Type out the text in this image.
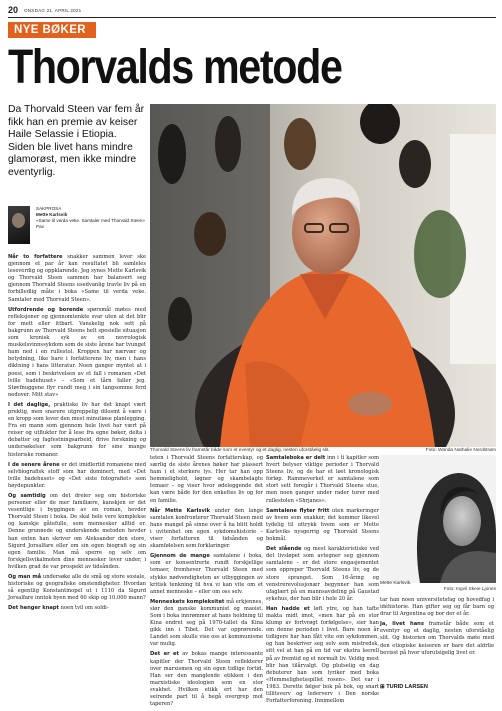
20 ONSDAG 21. APRIL 2021
NYE BØKER
Thorvalds metode
Da Thorvald Steen var fem år fikk han en premie av keiser Haile Selassie i Etiopia. Siden ble livet hans mindre glamorøst, men ikke mindre eventyrlig.
SAKPROSA
Mette Karlsvik
«Same til verda veke. Samtaler med Thorvald Steen»
Pax

Når to forfattere snakker sammen lever ske gjennom et par år kan resultatet bli samleles leseverdig og oppklarende. Jeg synes Mette Karlsvik og Thorvald Steen sammen har balansert seg gjennom Thorvald Steens usedvanlig travle liv på en forbilledlig måte i boka «Same til verda veke. Samtaler med Thorvald Steen».

Utfordrende og borende spørsmål møtes med refleksjoner og gjennomtenkte svar uten at det blir for mett eller ittbart. Vanskelig nok sett på bakgrunn av Thorvald Steens helt spesielle situasjon som kronisk syk av en nevrologisk muskelsvinnssykdom som de siste årene har tvunget ham ned i en rullestol. Kroppen har nærvær og betydning, like bare i forfatterens liv, men i hans diktning i hans litteratur. Noen ganger myntet at i poesi, som i beskrivelsen av et fall i romanen «Det lville badehuset» – «Som et tårn faller jeg. Støvfnuggene flyr rundt meg i sin langsomme ferd nedover. Mitt stav»

I det daglige, praktiske liv har det knapt vært prektig, men snarere utgreppelig dilosmt å være i en kropp som lever den mest minutiøse planlegging. Fra en mann som gjennom hele livet har vært på reiser og utflukter for å lese fra egne bøker, delta i debatter og fagfestningsarbeid, drive forskning og undersøkelser som bakgrunn for sine mange historiske romaner.

I de senere årene er det imidlertid romanene med selvbiografisk stoff som har dominert, med «Det lville badehuset» og «Det siste fotografiet» som høydepunkter.

Og samtidig om det dreier seg om historiske personer eller de mer familiære, kanskjen er det vesentlige i byggingen av en roman, hevder Thorvald Steen i boka. De skal hele vere komplekse og kanskje gåtefulle, som mennesker alltid er. Denne grunnede og underskende metoden hevder han enten han skriver om Aleksander den store, Sigurd Jorsalfare eller om sin egen biografi og sin egen familie. Man må sperre og selv om forskjellsvikalmoten dine mennesker lever under, i hvilken grad de var prospekt av tidsånden.

Og man må undersøke alle de små og store sosiale, historiske og geografiske omstendigheter. Hvordan så egentlig Konstantinopel ut i 1110 da Sigurd Jorsalfare inntok byen med 60 skip og 10.000 mann?

Det henger knapt noen tvil om soldi-

Thorvald Steens liv framstår både som et eventyr og et daglig, nesten uforståelig slit.	Foto: Wanda Nathalie Nordstrøm

teten i Thorvald Steens forfatterskap, og særlig de siste årenes bøker har plassert ham i et sterkere lys. Her tar han opp hemmelighold, løgner og skambelagte temaer – og viser hvor ødeleggende det kan være både for den enkeltes liv og for en familie.

Når Mette Karlsvik under den lange samtalen konfronterer Thorvald Steen med hans mangel på sinne over å ha blitt holdt i uvitenhet om egen sykdomshistorie – viser forfatteren til tidsånden og skamfølelsen som forklaringer.

Gjennom de mange samtalene i boka, som er konsentrerte rundt forskjellige temaer, fremhever Thorvald Steen med stykke nødvendigheten av utbyggingen av kritisk tenkning til hva vi kan vite om et annet menneske – eller om oss selv.

Menneskets kompleksitet må erkjennes, slør den ganske kommunist og maoist. Som i boka innrømmer at hans holdning til Kina endret seg på 1970-tallet da Kina gikk inn i Tibet. Det var opprørende. Landet som skulle vise oss at kommunisme var mulig.

Det er et av bokas mange interessante kapitler der Thorvald Steen reflekterer over marxismen og sin egen tidlige fortid. Han ser den manglende etikken i den marxistiske ideologien som en stor svakhet. Hvilken etikk ert har den seirende part til å begå overgrep mot taperen?

Samtaleboka er delt inn i ti kapitler som hvert belyser viktige perioder i Thorvald Steens liv, og de har et løst kronologisk forløp. Rammeverket er samtalene som stort sett foregår i Thorvald Steens stue, men noen ganger under rader turer med rullestolen «Shrjanes».

Samtalene flyter fritt uten markeringer av hvem som snakker, det kommer likevel tydelig til uttrykk hvem som er Mette Karlsviks nysgerrig og Thorvald Steens bokmål.

Det slående og mest karakteristiske ved det livsløpet som avtegner seg gjennom samtalene – er det store engasjementet som oppreper Thorvald Steens liv, og de store spranget. Som 16-åring og venstrerevolusjonær begynner han som ufaglært på en mannsavdeling på Gaustad sykehus, der han blir i hele 20 år.

Han hadde et løft ytre, og han tafte makta midt imot, «men har på en stor klump av fortvrøgt forfølgelse», sier han om denne perioden i livet. Bare noen år tidligere har han fått vite om sykdommen, og han beskriver seg selv som mistredsk, sitt vel at han på en tid var ekstra leerell på av fremtid og et normalt liv. Veldig mest blir han tilårvalgt. Og plutselig en dag debuterer han som lyriker med boka «Hemmelighetsspillet rosen». Det var i 1983. Derette følger bok på bok, og snart tillitsverv og lederverv i Den norske Forfatterforening. Innimellom

Mette Karlsvik.
Foto: Ingvil Skeie Ljones

tar han noen universitetsfag og hovedfag i idéhistorie. Han gifter seg og får barn og drar til Argentina og bor der et år.

Ja, livet hans framstår både som et eventyr og et daglig, nesten uforståelig slit. Og historien om Thorvalds møte med den etiopiske keiseren er bare det aldrlie bevisst på hvor uforutsigelig livet er.

⊞ TURID LARSEN
